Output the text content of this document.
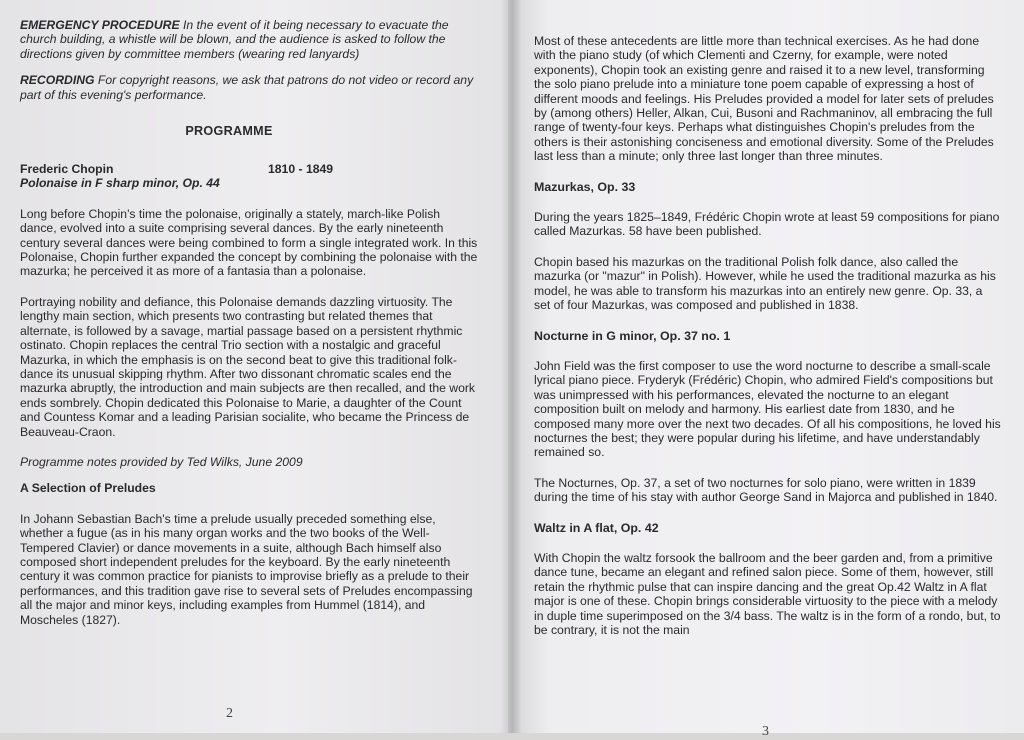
EMERGENCY PROCEDURE In the event of it being necessary to evacuate the church building, a whistle will be blown, and the audience is asked to follow the directions given by committee members (wearing red lanyards)

RECORDING For copyright reasons, we ask that patrons do not video or record any part of this evening's performance.

PROGRAMME

Frederic Chopin	1810 - 1849

Polonaise in F sharp minor, Op. 44

Long before Chopin's time the polonaise, originally a stately, march-like Polish dance, evolved into a suite comprising several dances. By the early nineteenth century several dances were being combined to form a single integrated work. In this Polonaise, Chopin further expanded the concept by combining the polonaise with the mazurka; he perceived it as more of a fantasia than a polonaise.

Portraying nobility and defiance, this Polonaise demands dazzling virtuosity. The lengthy main section, which presents two contrasting but related themes that alternate, is followed by a savage, martial passage based on a persistent rhythmic ostinato. Chopin replaces the central Trio section with a nostalgic and graceful Mazurka, in which the emphasis is on the second beat to give this traditional folk-dance its unusual skipping rhythm. After two dissonant chromatic scales end the mazurka abruptly, the introduction and main subjects are then recalled, and the work ends sombrely. Chopin dedicated this Polonaise to Marie, a daughter of the Count and Countess Komar and a leading Parisian socialite, who became the Princess de Beauveau-Craon.

Programme notes provided by Ted Wilks, June 2009

A Selection of Preludes

In Johann Sebastian Bach's time a prelude usually preceded something else, whether a fugue (as in his many organ works and the two books of the Well-Tempered Clavier) or dance movements in a suite, although Bach himself also composed short independent preludes for the keyboard. By the early nineteenth century it was common practice for pianists to improvise briefly as a prelude to their performances, and this tradition gave rise to several sets of Preludes encompassing all the major and minor keys, including examples from Hummel (1814), and Moscheles (1827).

2

Most of these antecedents are little more than technical exercises. As he had done with the piano study (of which Clementi and Czerny, for example, were noted exponents), Chopin took an existing genre and raised it to a new level, transforming the solo piano prelude into a miniature tone poem capable of expressing a host of different moods and feelings. His Preludes provided a model for later sets of preludes by (among others) Heller, Alkan, Cui, Busoni and Rachmaninov, all embracing the full range of twenty-four keys. Perhaps what distinguishes Chopin's preludes from the others is their astonishing conciseness and emotional diversity. Some of the Preludes last less than a minute; only three last longer than three minutes.

Mazurkas, Op. 33

During the years 1825–1849, Frédéric Chopin wrote at least 59 compositions for piano called Mazurkas. 58 have been published.

Chopin based his mazurkas on the traditional Polish folk dance, also called the mazurka (or "mazur" in Polish). However, while he used the traditional mazurka as his model, he was able to transform his mazurkas into an entirely new genre. Op. 33, a set of four Mazurkas, was composed and published in 1838.

Nocturne in G minor, Op. 37 no. 1

John Field was the first composer to use the word nocturne to describe a small-scale lyrical piano piece. Fryderyk (Frédéric) Chopin, who admired Field's compositions but was unimpressed with his performances, elevated the nocturne to an elegant composition built on melody and harmony. His earliest date from 1830, and he composed many more over the next two decades. Of all his compositions, he loved his nocturnes the best; they were popular during his lifetime, and have understandably remained so.

The Nocturnes, Op. 37, a set of two nocturnes for solo piano, were written in 1839 during the time of his stay with author George Sand in Majorca and published in 1840.

Waltz in A flat, Op. 42

With Chopin the waltz forsook the ballroom and the beer garden and, from a primitive dance tune, became an elegant and refined salon piece. Some of them, however, still retain the rhythmic pulse that can inspire dancing and the great Op.42 Waltz in A flat major is one of these. Chopin brings considerable virtuosity to the piece with a melody in duple time superimposed on the 3/4 bass. The waltz is in the form of a rondo, but, to be contrary, it is not the main

3
